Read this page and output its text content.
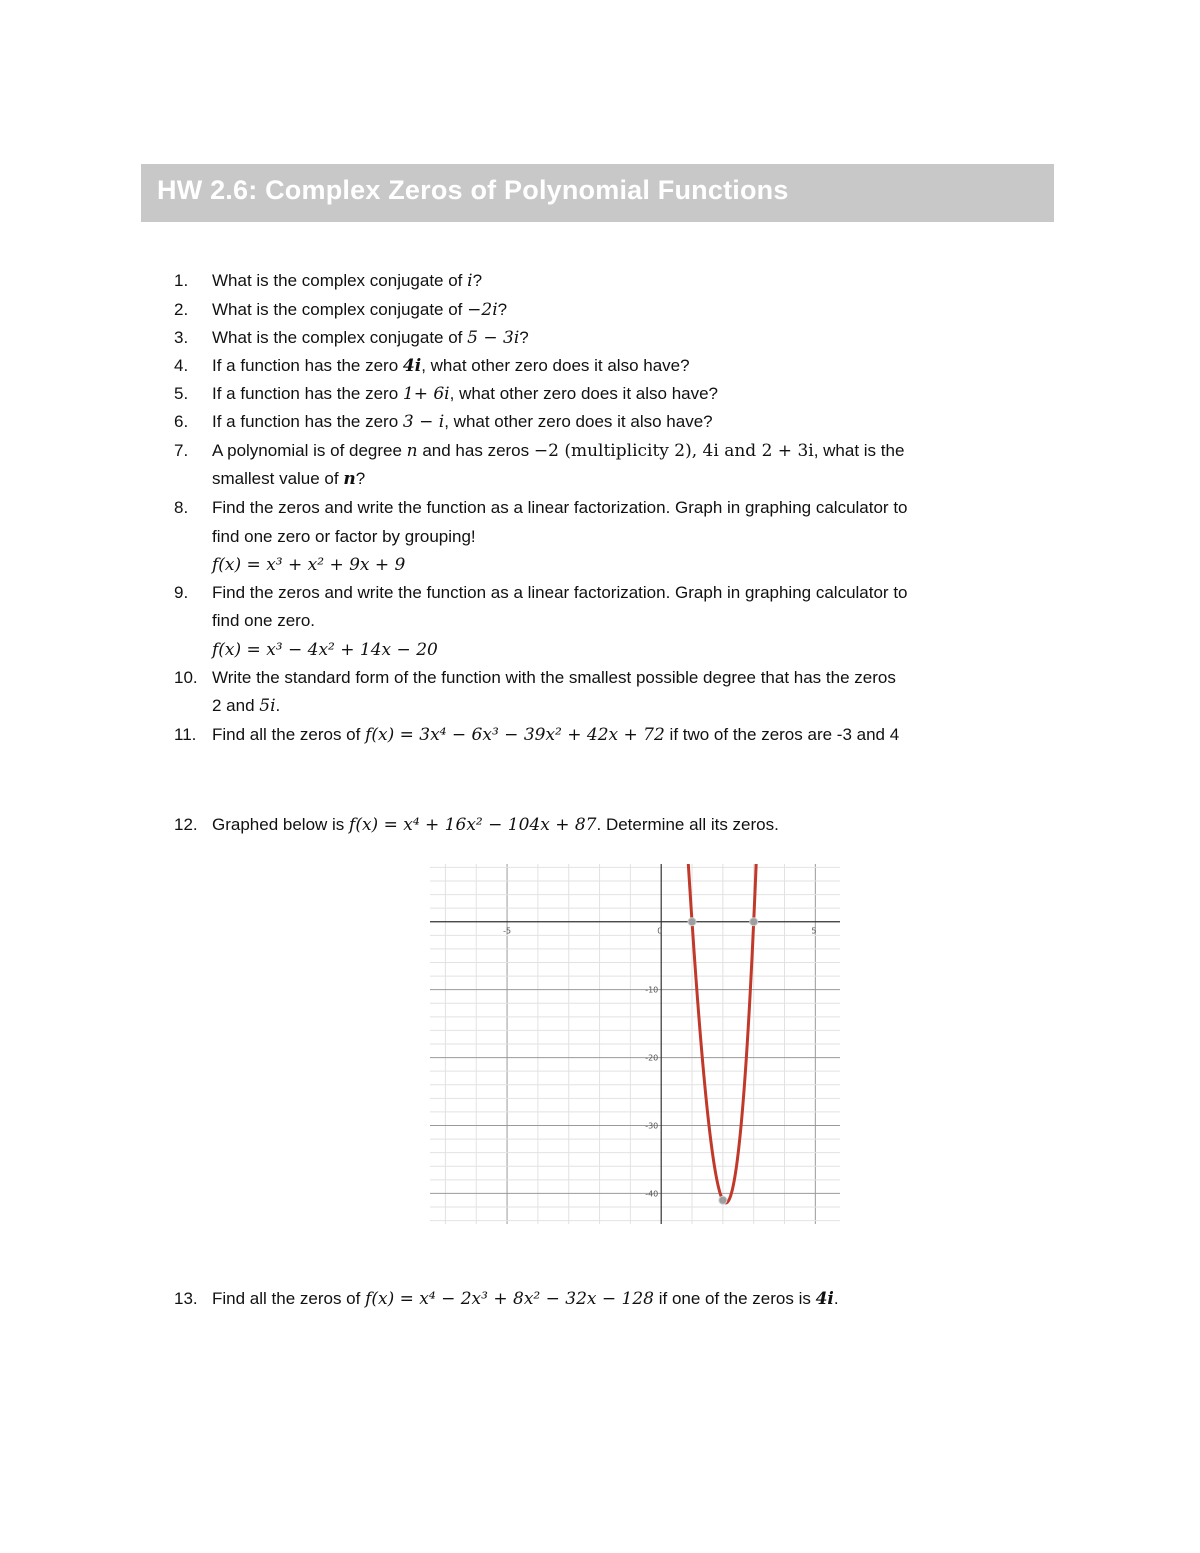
HW 2.6: Complex Zeros of Polynomial Functions
1. What is the complex conjugate of i?
2. What is the complex conjugate of −2i?
3. What is the complex conjugate of 5 − 3i?
4. If a function has the zero 4i, what other zero does it also have?
5. If a function has the zero 1+ 6i, what other zero does it also have?
6. If a function has the zero 3 − i, what other zero does it also have?
7. A polynomial is of degree n and has zeros −2 (multiplicity 2), 4i and 2 + 3i, what is the
smallest value of n?
8. Find the zeros and write the function as a linear factorization. Graph in graphing calculator to
find one zero or factor by grouping!
f(x) = x³ + x² + 9x + 9
9. Find the zeros and write the function as a linear factorization. Graph in graphing calculator to
find one zero.
f(x) = x³ − 4x² + 14x − 20
10. Write the standard form of the function with the smallest possible degree that has the zeros
2 and 5i.
11. Find all the zeros of f(x) = 3x⁴ − 6x³ − 39x² + 42x + 72 if two of the zeros are -3 and 4
12. Graphed below is f(x) = x⁴ + 16x² − 104x + 87. Determine all its zeros.
-5	0	5
-10
-20
-30
-40
13. Find all the zeros of f(x) = x⁴ − 2x³ + 8x² − 32x − 128 if one of the zeros is 4i.
